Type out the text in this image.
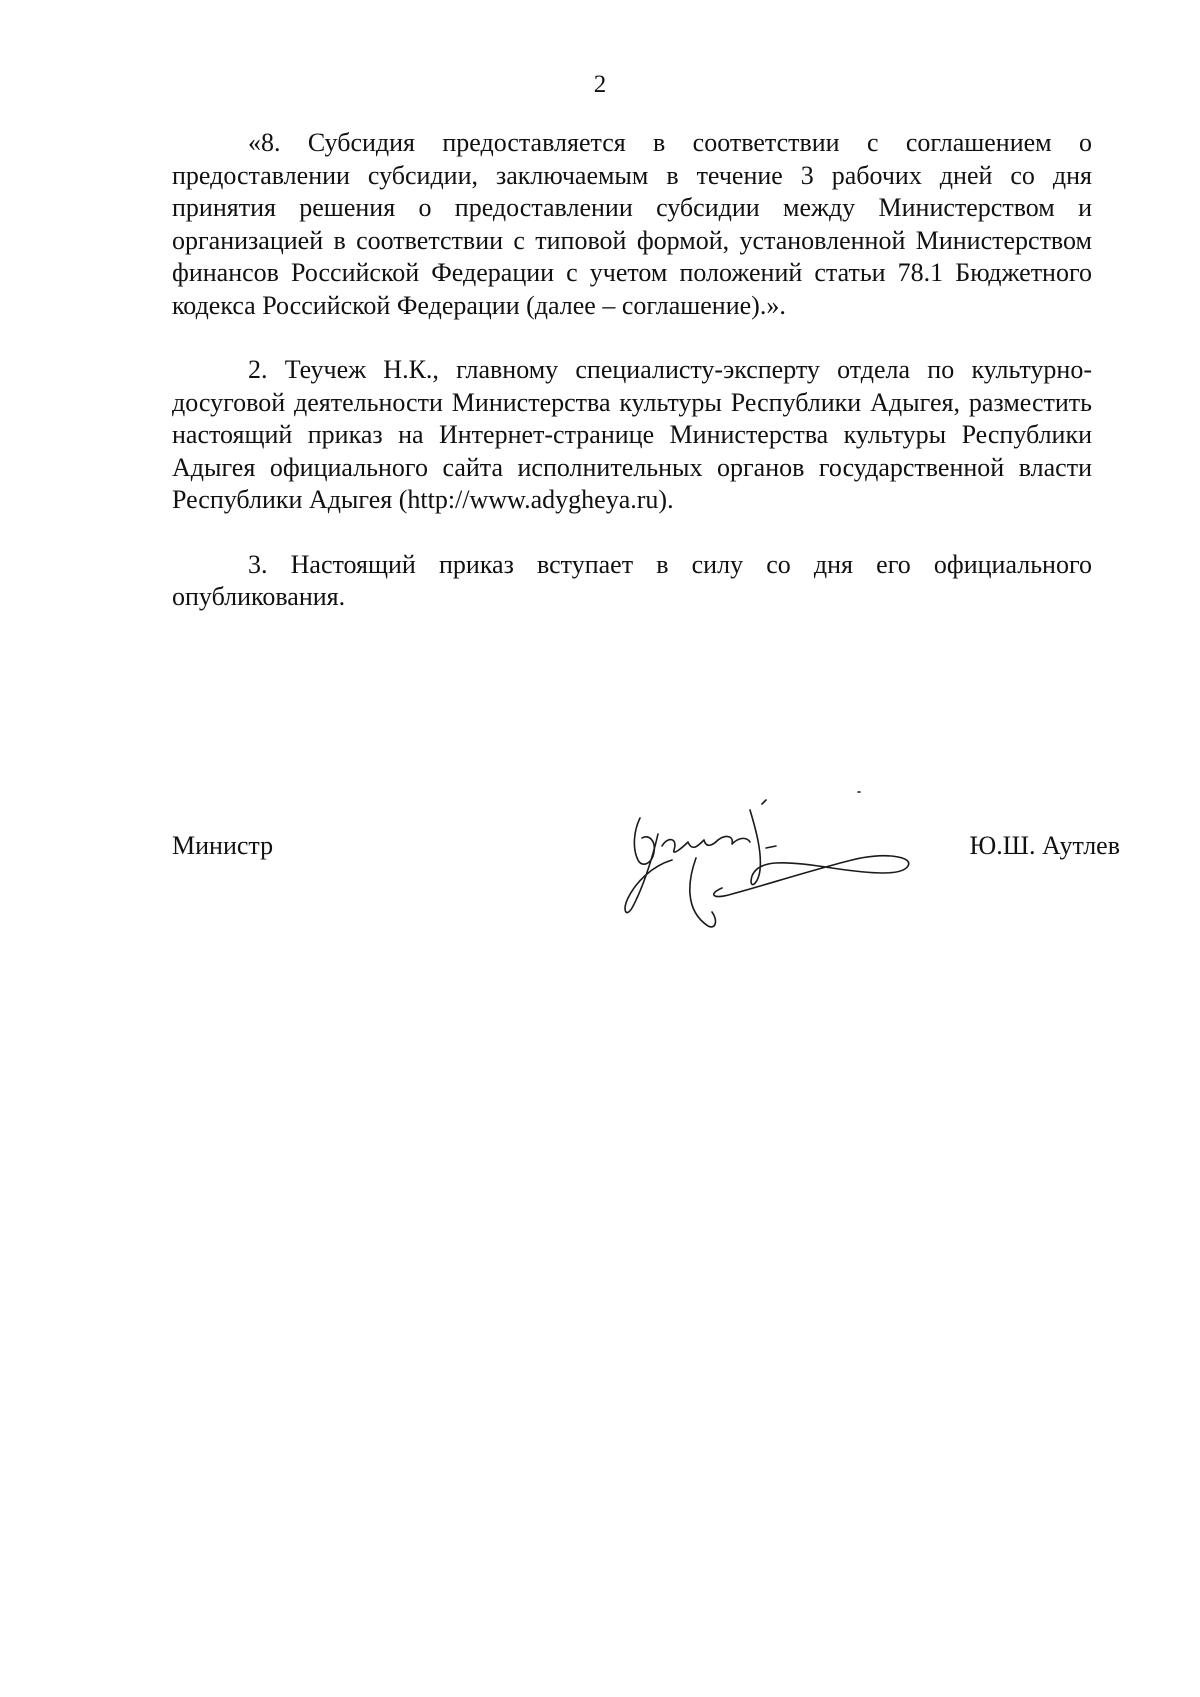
2

«8. Субсидия предоставляется в соответствии с соглашением о предоставлении субсидии, заключаемым в течение 3 рабочих дней со дня принятия решения о предоставлении субсидии между Министерством и организацией в соответствии с типовой формой, установленной Министерством финансов Российской Федерации с учетом положений статьи 78.1 Бюджетного кодекса Российской Федерации (далее – соглашение).».

2. Теучеж Н.К., главному специалисту-эксперту отдела по культурно-досуговой деятельности Министерства культуры Республики Адыгея, разместить настоящий приказ на Интернет-странице Министерства культуры Республики Адыгея официального сайта исполнительных органов государственной власти Республики Адыгея (http://www.adygheya.ru).

3. Настоящий приказ вступает в силу со дня его официального опубликования.

Министр	Ю.Ш. Аутлев
